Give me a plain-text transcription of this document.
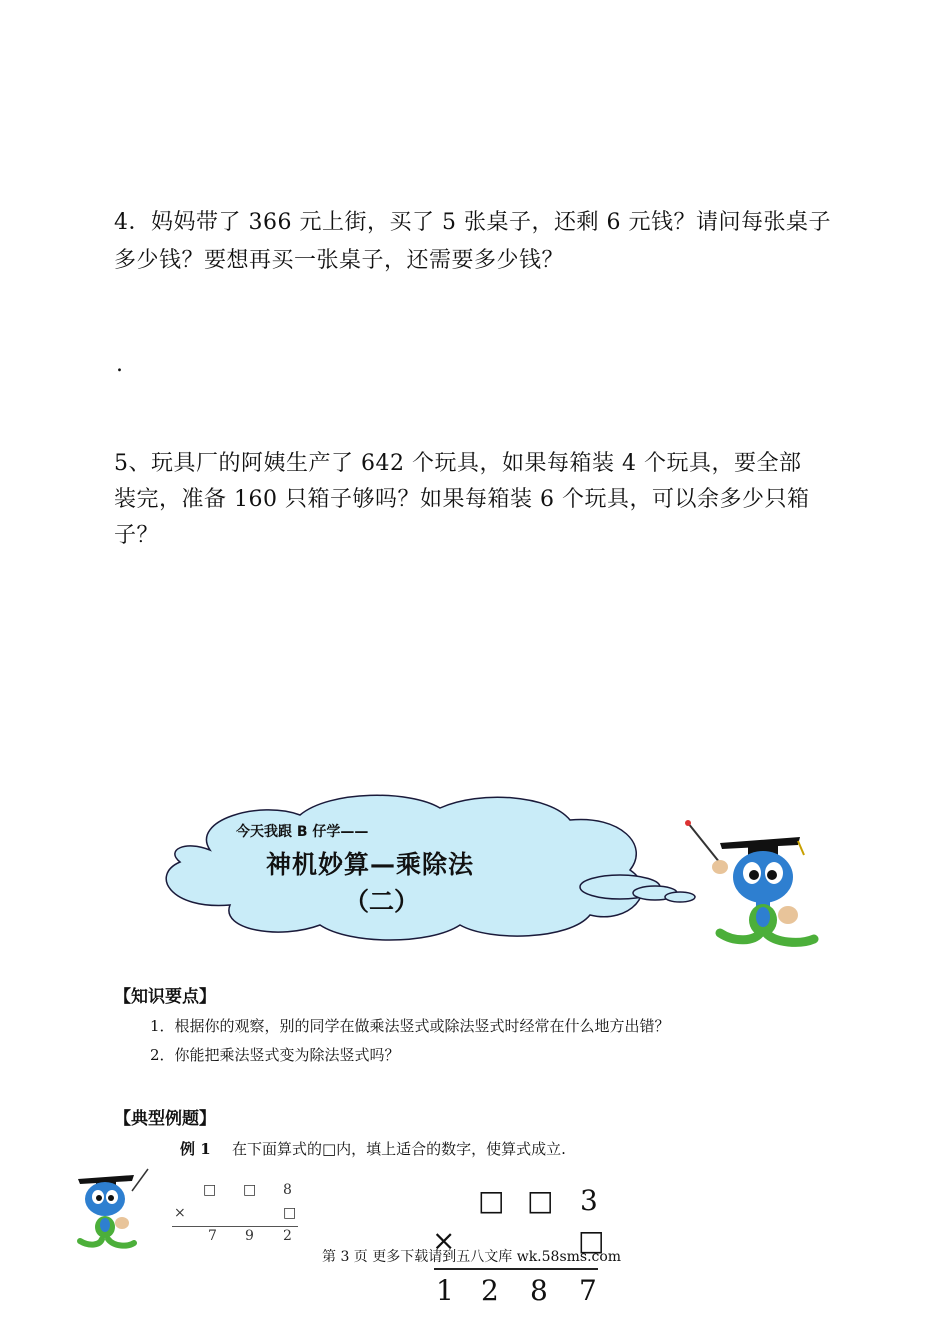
4．妈妈带了 366 元上街，买了 5 张桌子，还剩 6 元钱？请问每张桌子
多少钱？要想再买一张桌子，还需要多少钱？
.
5、玩具厂的阿姨生产了 642 个玩具，如果每箱装 4 个玩具，要全部
装完，准备 160 只箱子够吗？如果每箱装 6 个玩具，可以余多少只箱
子？
今天我跟 B 仔学——
神机妙算—乘除法
（二）
【知识要点】
1．根据你的观察，别的同学在做乘法竖式或除法竖式时经常在什么地方出错？
2．你能把乘法竖式变为除法竖式吗？
【典型例题】
例 1 在下面算式的□内，填上适合的数字，使算式成立.
□ □ 8
×	□
7 9 2
□ □ 3
×	□
1 2 8 7
第 3 页 更多下载请到五八文库 wk.58sms.com
